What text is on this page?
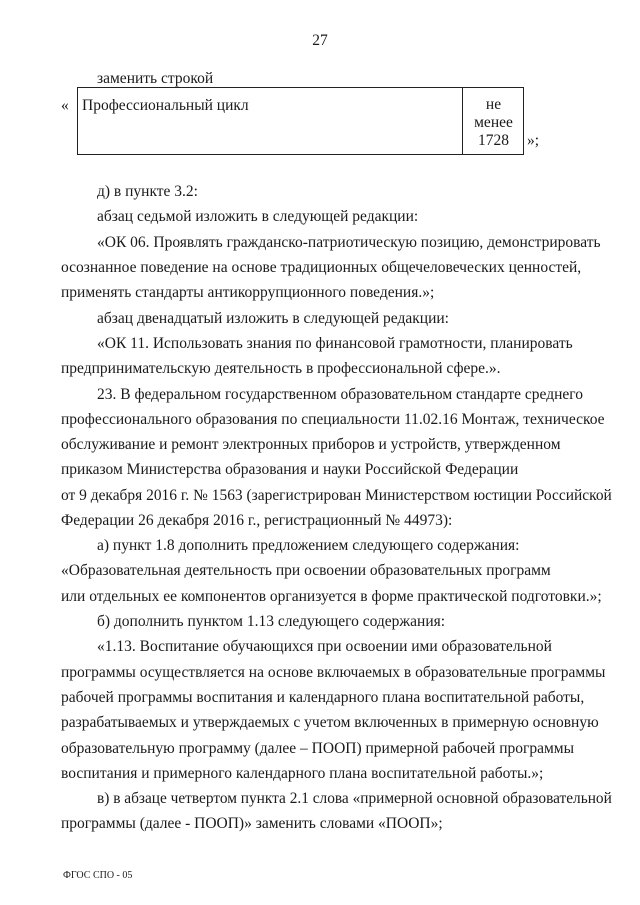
27
заменить строкой
« Профессиональный цикл	не
менее
1728	»;
д) в пункте 3.2:
абзац седьмой изложить в следующей редакции:
«ОК 06. Проявлять гражданско-патриотическую позицию, демонстрировать
осознанное поведение на основе традиционных общечеловеческих ценностей,
применять стандарты антикоррупционного поведения.»;
абзац двенадцатый изложить в следующей редакции:
«ОК 11. Использовать знания по финансовой грамотности, планировать
предпринимательскую деятельность в профессиональной сфере.».
23. В федеральном государственном образовательном стандарте среднего
профессионального образования по специальности 11.02.16 Монтаж, техническое
обслуживание и ремонт электронных приборов и устройств, утвержденном
приказом Министерства образования и науки Российской Федерации
от 9 декабря 2016 г. № 1563 (зарегистрирован Министерством юстиции Российской
Федерации 26 декабря 2016 г., регистрационный № 44973):
а) пункт 1.8 дополнить предложением следующего содержания:
«Образовательная деятельность при освоении образовательных программ
или отдельных ее компонентов организуется в форме практической подготовки.»;
б) дополнить пунктом 1.13 следующего содержания:
«1.13. Воспитание обучающихся при освоении ими образовательной
программы осуществляется на основе включаемых в образовательные программы
рабочей программы воспитания и календарного плана воспитательной работы,
разрабатываемых и утверждаемых с учетом включенных в примерную основную
образовательную программу (далее – ПООП) примерной рабочей программы
воспитания и примерного календарного плана воспитательной работы.»;
в) в абзаце четвертом пункта 2.1 слова «примерной основной образовательной
программы (далее - ПООП)» заменить словами «ПООП»;
ФГОС СПО - 05
